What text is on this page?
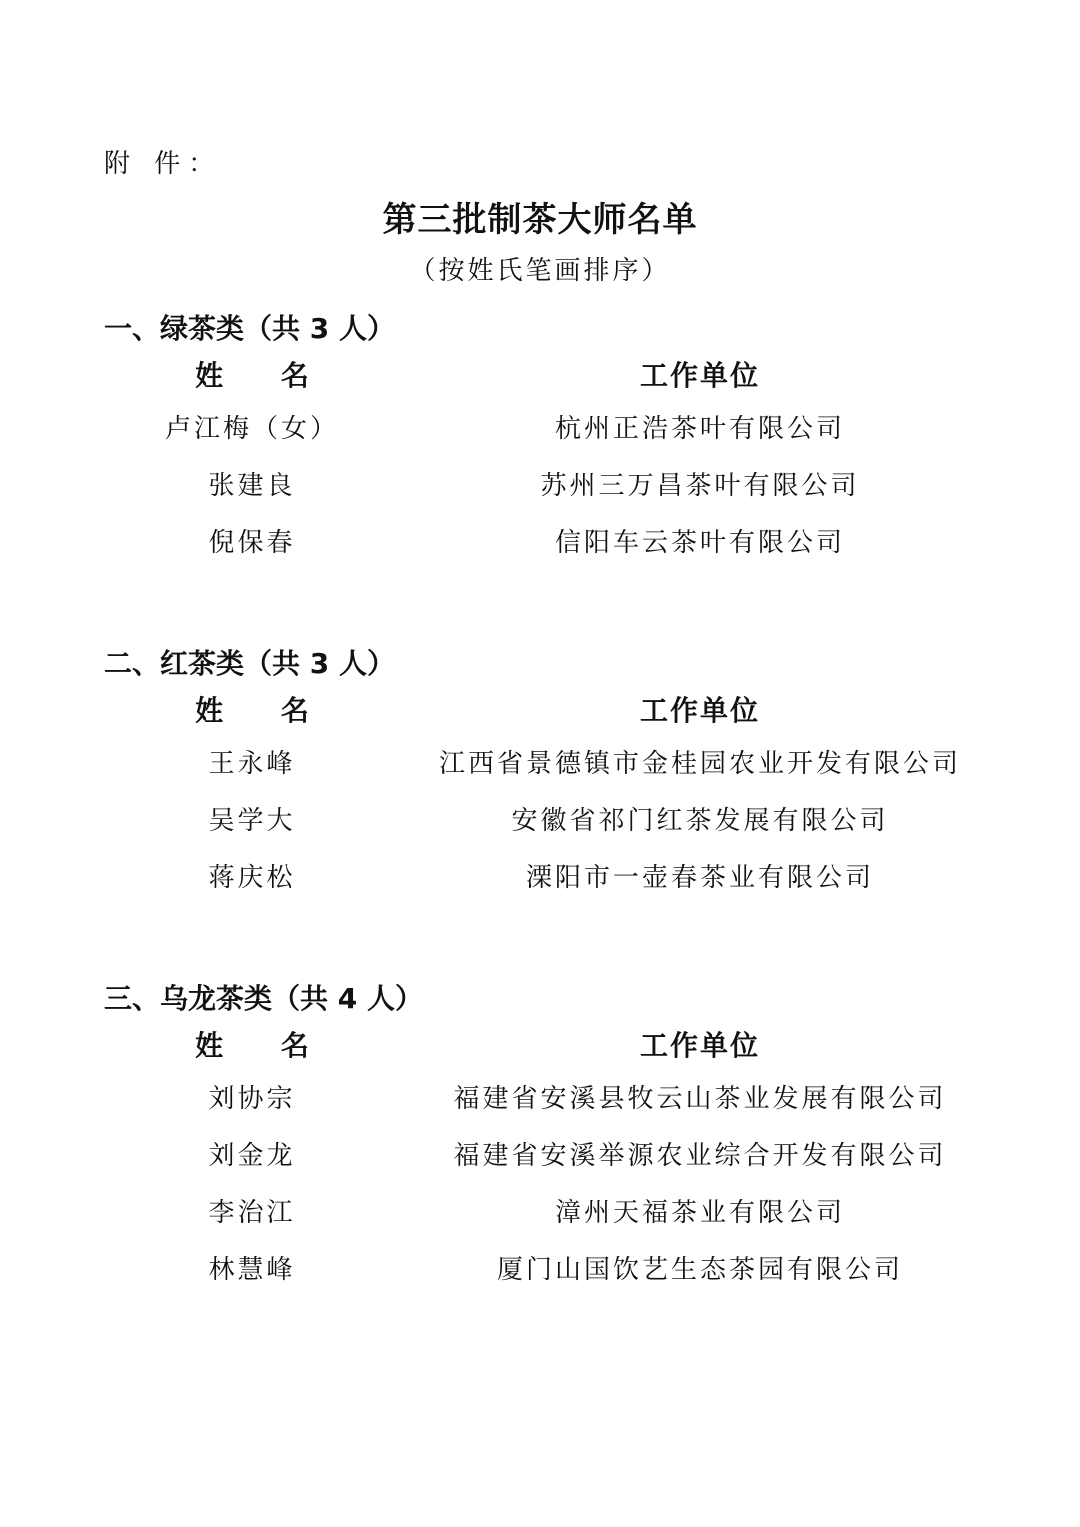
附 件：
第三批制茶大师名单
（按姓氏笔画排序）
一、绿茶类（共 3 人）
姓 名	工作单位
卢江梅（女）	杭州正浩茶叶有限公司
张建良	苏州三万昌茶叶有限公司
倪保春	信阳车云茶叶有限公司
二、红茶类（共 3 人）
姓 名	工作单位
王永峰	江西省景德镇市金桂园农业开发有限公司
吴学大	安徽省祁门红茶发展有限公司
蒋庆松	溧阳市一壶春茶业有限公司
三、乌龙茶类（共 4 人）
姓 名	工作单位
刘协宗	福建省安溪县牧云山茶业发展有限公司
刘金龙	福建省安溪举源农业综合开发有限公司
李治江	漳州天福茶业有限公司
林慧峰	厦门山国饮艺生态茶园有限公司
